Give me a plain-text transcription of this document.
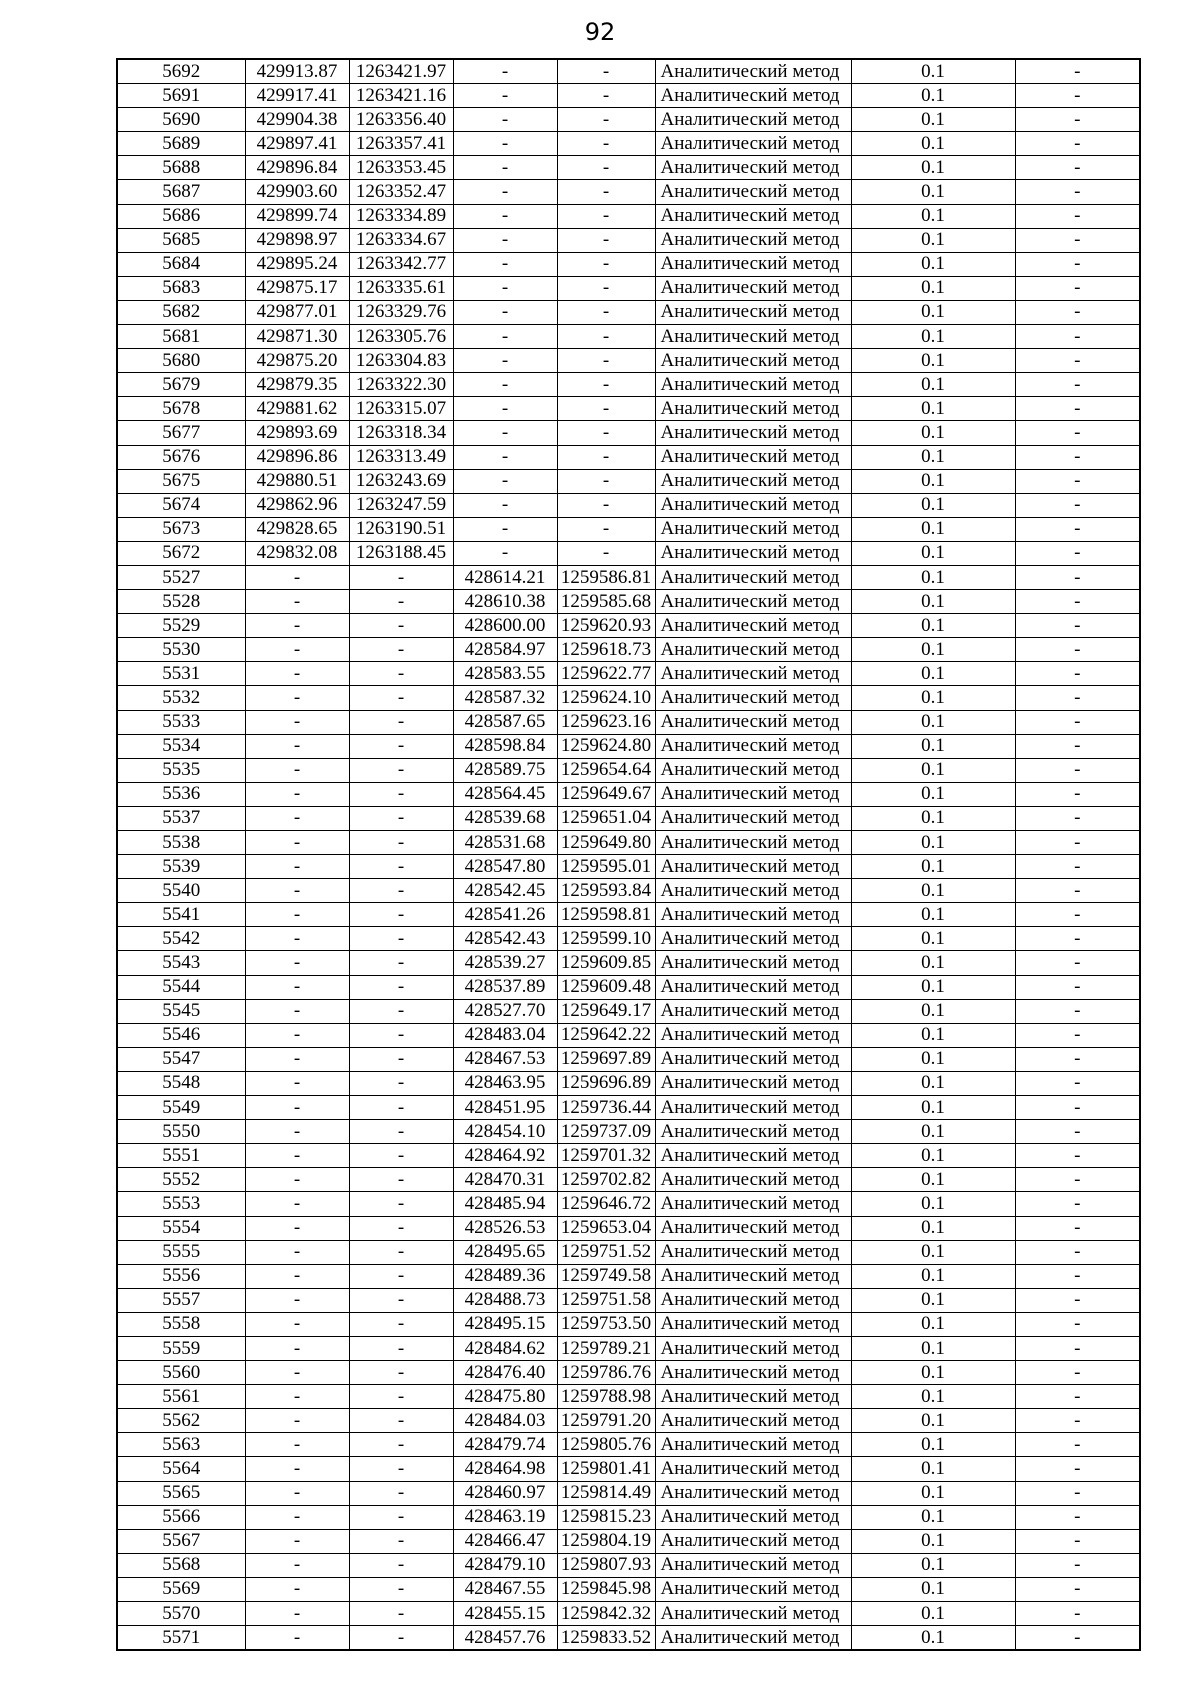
92
5692	429913.87	1263421.97	-	-	Аналитический метод	0.1	-
5691	429917.41	1263421.16	-	-	Аналитический метод	0.1	-
5690	429904.38	1263356.40	-	-	Аналитический метод	0.1	-
5689	429897.41	1263357.41	-	-	Аналитический метод	0.1	-
5688	429896.84	1263353.45	-	-	Аналитический метод	0.1	-
5687	429903.60	1263352.47	-	-	Аналитический метод	0.1	-
5686	429899.74	1263334.89	-	-	Аналитический метод	0.1	-
5685	429898.97	1263334.67	-	-	Аналитический метод	0.1	-
5684	429895.24	1263342.77	-	-	Аналитический метод	0.1	-
5683	429875.17	1263335.61	-	-	Аналитический метод	0.1	-
5682	429877.01	1263329.76	-	-	Аналитический метод	0.1	-
5681	429871.30	1263305.76	-	-	Аналитический метод	0.1	-
5680	429875.20	1263304.83	-	-	Аналитический метод	0.1	-
5679	429879.35	1263322.30	-	-	Аналитический метод	0.1	-
5678	429881.62	1263315.07	-	-	Аналитический метод	0.1	-
5677	429893.69	1263318.34	-	-	Аналитический метод	0.1	-
5676	429896.86	1263313.49	-	-	Аналитический метод	0.1	-
5675	429880.51	1263243.69	-	-	Аналитический метод	0.1	-
5674	429862.96	1263247.59	-	-	Аналитический метод	0.1	-
5673	429828.65	1263190.51	-	-	Аналитический метод	0.1	-
5672	429832.08	1263188.45	-	-	Аналитический метод	0.1	-
5527	-	-	428614.21	1259586.81	Аналитический метод	0.1	-
5528	-	-	428610.38	1259585.68	Аналитический метод	0.1	-
5529	-	-	428600.00	1259620.93	Аналитический метод	0.1	-
5530	-	-	428584.97	1259618.73	Аналитический метод	0.1	-
5531	-	-	428583.55	1259622.77	Аналитический метод	0.1	-
5532	-	-	428587.32	1259624.10	Аналитический метод	0.1	-
5533	-	-	428587.65	1259623.16	Аналитический метод	0.1	-
5534	-	-	428598.84	1259624.80	Аналитический метод	0.1	-
5535	-	-	428589.75	1259654.64	Аналитический метод	0.1	-
5536	-	-	428564.45	1259649.67	Аналитический метод	0.1	-
5537	-	-	428539.68	1259651.04	Аналитический метод	0.1	-
5538	-	-	428531.68	1259649.80	Аналитический метод	0.1	-
5539	-	-	428547.80	1259595.01	Аналитический метод	0.1	-
5540	-	-	428542.45	1259593.84	Аналитический метод	0.1	-
5541	-	-	428541.26	1259598.81	Аналитический метод	0.1	-
5542	-	-	428542.43	1259599.10	Аналитический метод	0.1	-
5543	-	-	428539.27	1259609.85	Аналитический метод	0.1	-
5544	-	-	428537.89	1259609.48	Аналитический метод	0.1	-
5545	-	-	428527.70	1259649.17	Аналитический метод	0.1	-
5546	-	-	428483.04	1259642.22	Аналитический метод	0.1	-
5547	-	-	428467.53	1259697.89	Аналитический метод	0.1	-
5548	-	-	428463.95	1259696.89	Аналитический метод	0.1	-
5549	-	-	428451.95	1259736.44	Аналитический метод	0.1	-
5550	-	-	428454.10	1259737.09	Аналитический метод	0.1	-
5551	-	-	428464.92	1259701.32	Аналитический метод	0.1	-
5552	-	-	428470.31	1259702.82	Аналитический метод	0.1	-
5553	-	-	428485.94	1259646.72	Аналитический метод	0.1	-
5554	-	-	428526.53	1259653.04	Аналитический метод	0.1	-
5555	-	-	428495.65	1259751.52	Аналитический метод	0.1	-
5556	-	-	428489.36	1259749.58	Аналитический метод	0.1	-
5557	-	-	428488.73	1259751.58	Аналитический метод	0.1	-
5558	-	-	428495.15	1259753.50	Аналитический метод	0.1	-
5559	-	-	428484.62	1259789.21	Аналитический метод	0.1	-
5560	-	-	428476.40	1259786.76	Аналитический метод	0.1	-
5561	-	-	428475.80	1259788.98	Аналитический метод	0.1	-
5562	-	-	428484.03	1259791.20	Аналитический метод	0.1	-
5563	-	-	428479.74	1259805.76	Аналитический метод	0.1	-
5564	-	-	428464.98	1259801.41	Аналитический метод	0.1	-
5565	-	-	428460.97	1259814.49	Аналитический метод	0.1	-
5566	-	-	428463.19	1259815.23	Аналитический метод	0.1	-
5567	-	-	428466.47	1259804.19	Аналитический метод	0.1	-
5568	-	-	428479.10	1259807.93	Аналитический метод	0.1	-
5569	-	-	428467.55	1259845.98	Аналитический метод	0.1	-
5570	-	-	428455.15	1259842.32	Аналитический метод	0.1	-
5571	-	-	428457.76	1259833.52	Аналитический метод	0.1	-
